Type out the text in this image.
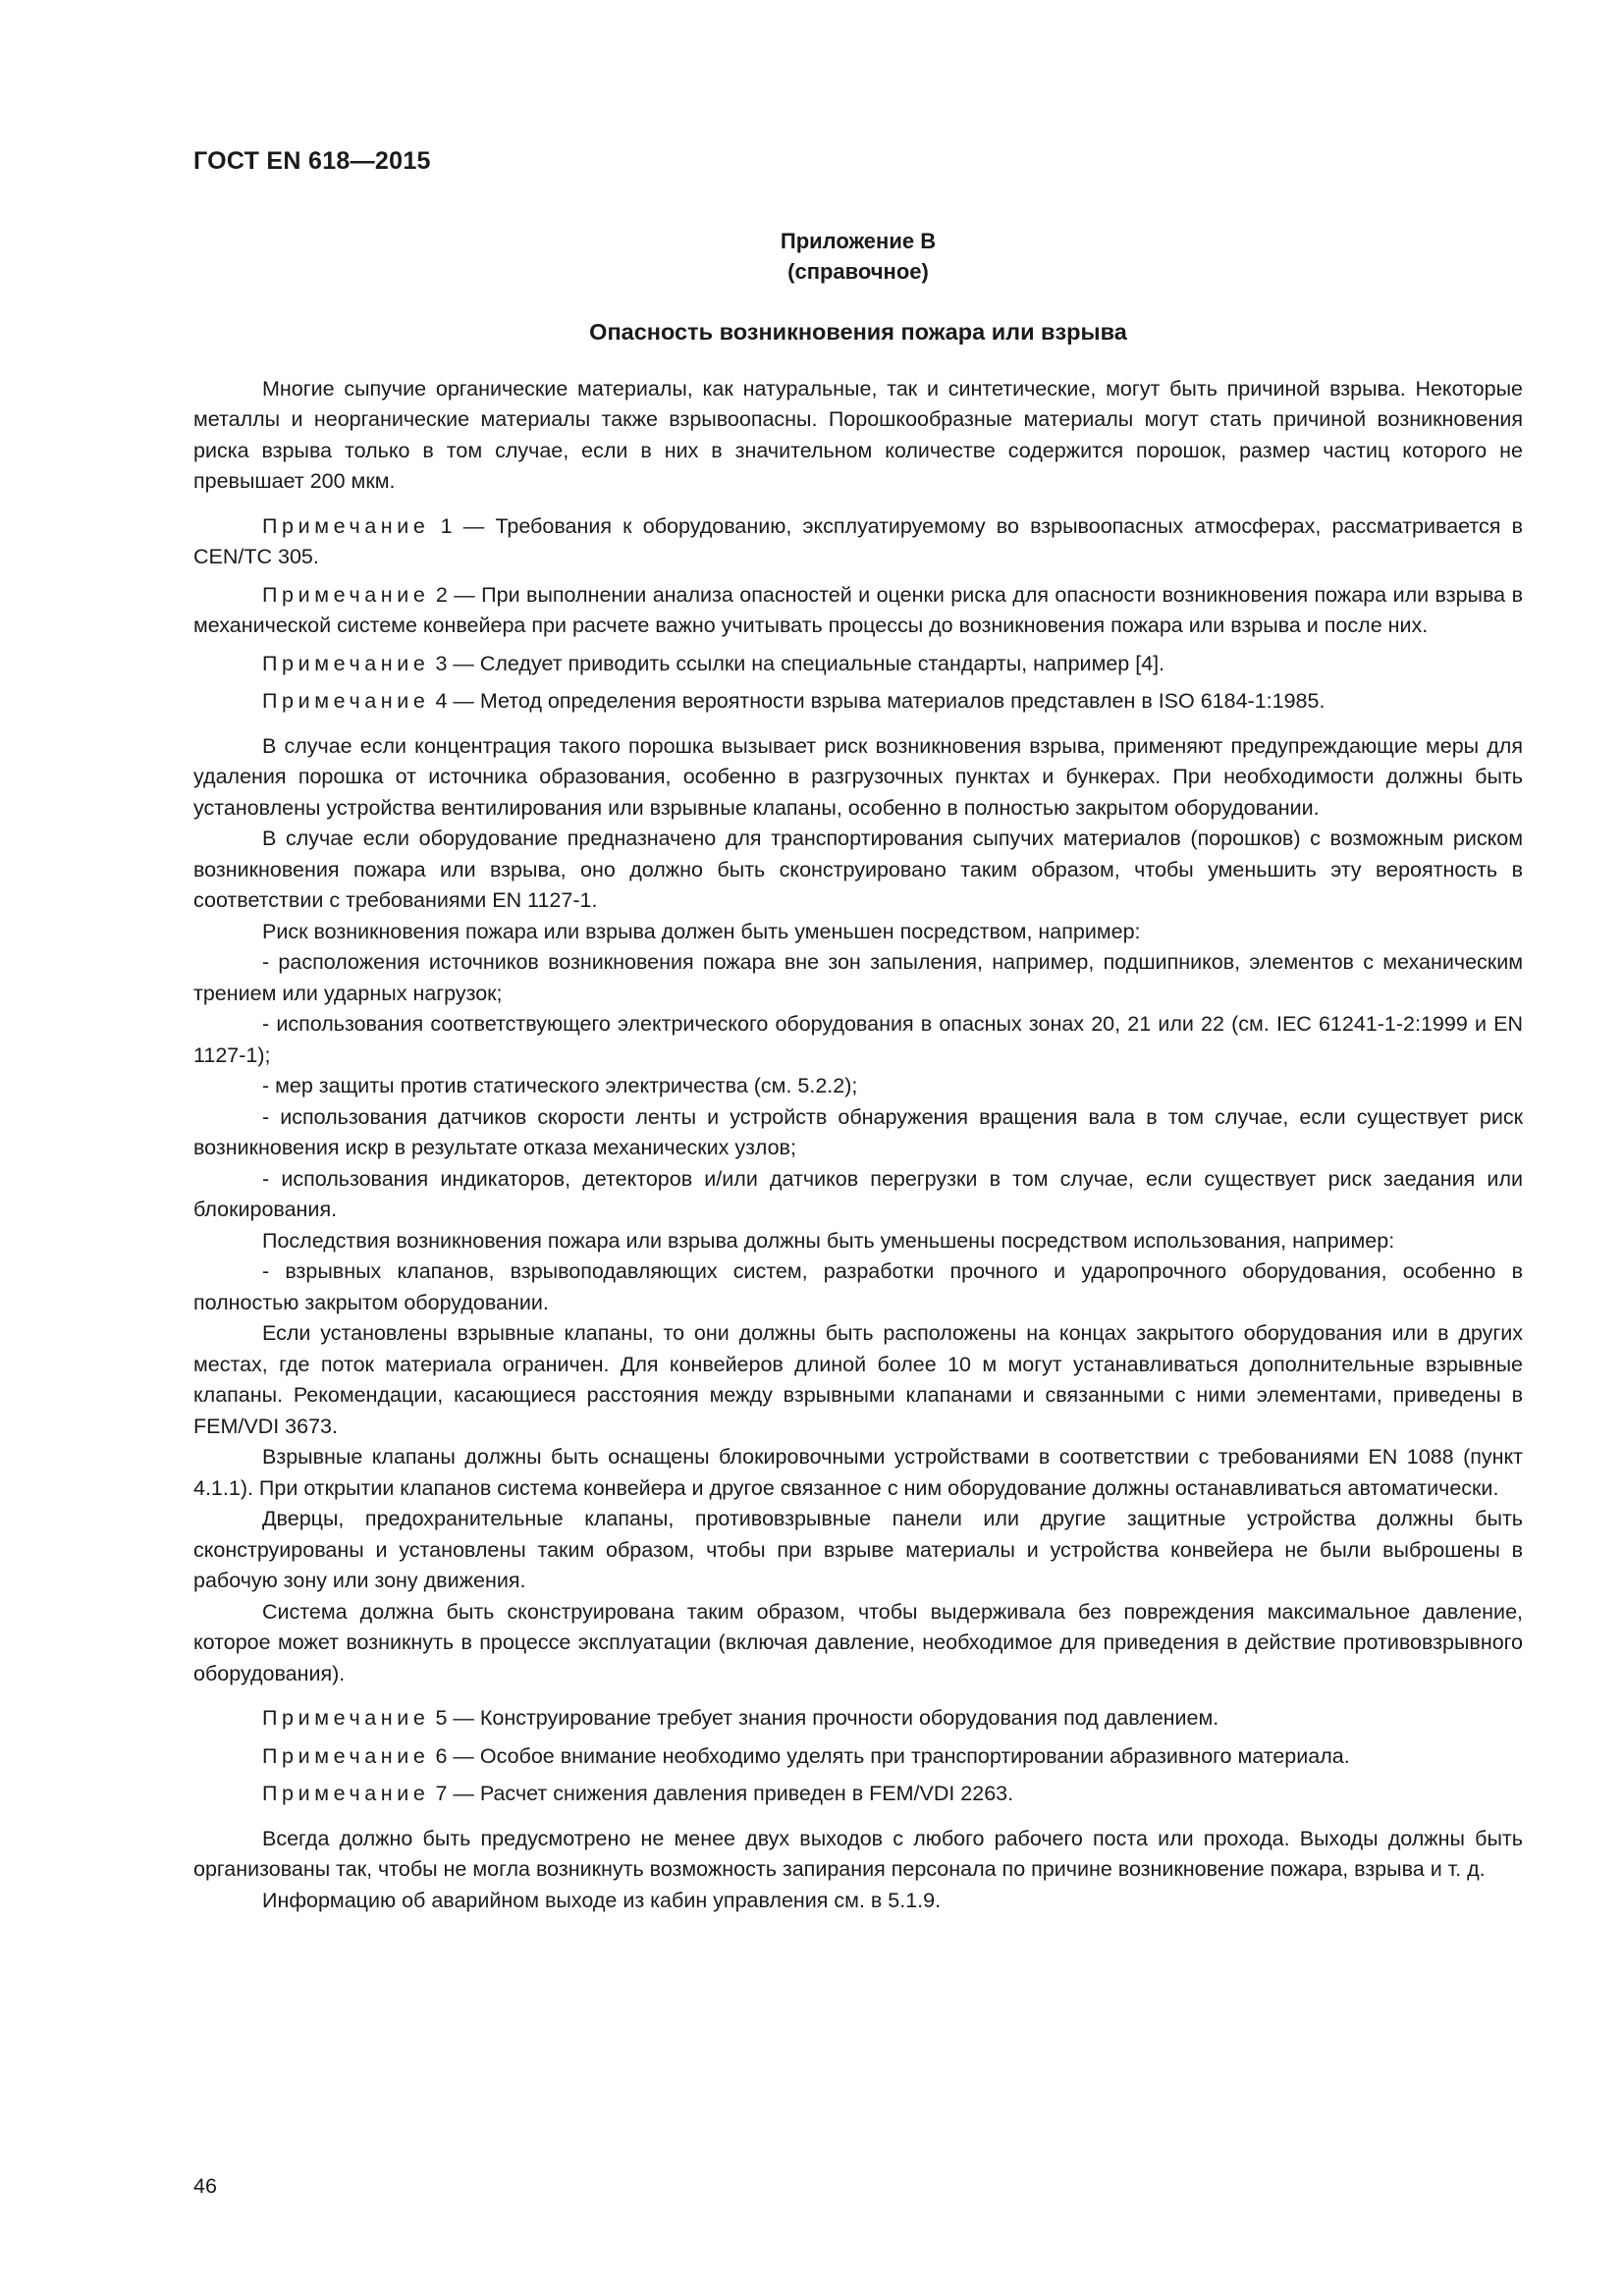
ГОСТ EN 618—2015
Приложение B
(справочное)
Опасность возникновения пожара или взрыва

Многие сыпучие органические материалы, как натуральные, так и синтетические, могут быть причиной взрыва. Некоторые металлы и неорганические материалы также взрывоопасны. Порошкообразные материалы могут стать причиной возникновения риска взрыва только в том случае, если в них в значительном количестве содержится порошок, размер частиц которого не превышает 200 мкм.

Примечание 1 — Требования к оборудованию, эксплуатируемому во взрывоопасных атмосферах, рассматривается в CEN/TC 305.

Примечание 2 — При выполнении анализа опасностей и оценки риска для опасности возникновения пожара или взрыва в механической системе конвейера при расчете важно учитывать процессы до возникновения пожара или взрыва и после них.

Примечание 3 — Следует приводить ссылки на специальные стандарты, например [4].

Примечание 4 — Метод определения вероятности взрыва материалов представлен в ISO 6184-1:1985.

В случае если концентрация такого порошка вызывает риск возникновения взрыва, применяют предупреждающие меры для удаления порошка от источника образования, особенно в разгрузочных пунктах и бункерах. При необходимости должны быть установлены устройства вентилирования или взрывные клапаны, особенно в полностью закрытом оборудовании.

В случае если оборудование предназначено для транспортирования сыпучих материалов (порошков) с возможным риском возникновения пожара или взрыва, оно должно быть сконструировано таким образом, чтобы уменьшить эту вероятность в соответствии с требованиями EN 1127-1.

Риск возникновения пожара или взрыва должен быть уменьшен посредством, например:

- расположения источников возникновения пожара вне зон запыления, например, подшипников, элементов с механическим трением или ударных нагрузок;

- использования соответствующего электрического оборудования в опасных зонах 20, 21 или 22 (см. IEC 61241-1-2:1999 и EN 1127-1);

- мер защиты против статического электричества (см. 5.2.2);

- использования датчиков скорости ленты и устройств обнаружения вращения вала в том случае, если существует риск возникновения искр в результате отказа механических узлов;

- использования индикаторов, детекторов и/или датчиков перегрузки в том случае, если существует риск заедания или блокирования.

Последствия возникновения пожара или взрыва должны быть уменьшены посредством использования, например:

- взрывных клапанов, взрывоподавляющих систем, разработки прочного и ударопрочного оборудования, особенно в полностью закрытом оборудовании.

Если установлены взрывные клапаны, то они должны быть расположены на концах закрытого оборудования или в других местах, где поток материала ограничен. Для конвейеров длиной более 10 м могут устанавливаться дополнительные взрывные клапаны. Рекомендации, касающиеся расстояния между взрывными клапанами и связанными с ними элементами, приведены в FEM/VDI 3673.

Взрывные клапаны должны быть оснащены блокировочными устройствами в соответствии с требованиями EN 1088 (пункт 4.1.1). При открытии клапанов система конвейера и другое связанное с ним оборудование должны останавливаться автоматически.

Дверцы, предохранительные клапаны, противовзрывные панели или другие защитные устройства должны быть сконструированы и установлены таким образом, чтобы при взрыве материалы и устройства конвейера не были выброшены в рабочую зону или зону движения.

Система должна быть сконструирована таким образом, чтобы выдерживала без повреждения максимальное давление, которое может возникнуть в процессе эксплуатации (включая давление, необходимое для приведения в действие противовзрывного оборудования).

Примечание 5 — Конструирование требует знания прочности оборудования под давлением.

Примечание 6 — Особое внимание необходимо уделять при транспортировании абразивного материала.

Примечание 7 — Расчет снижения давления приведен в FEM/VDI 2263.

Всегда должно быть предусмотрено не менее двух выходов с любого рабочего поста или прохода. Выходы должны быть организованы так, чтобы не могла возникнуть возможность запирания персонала по причине возникновение пожара, взрыва и т. д.

Информацию об аварийном выходе из кабин управления см. в 5.1.9.

46
